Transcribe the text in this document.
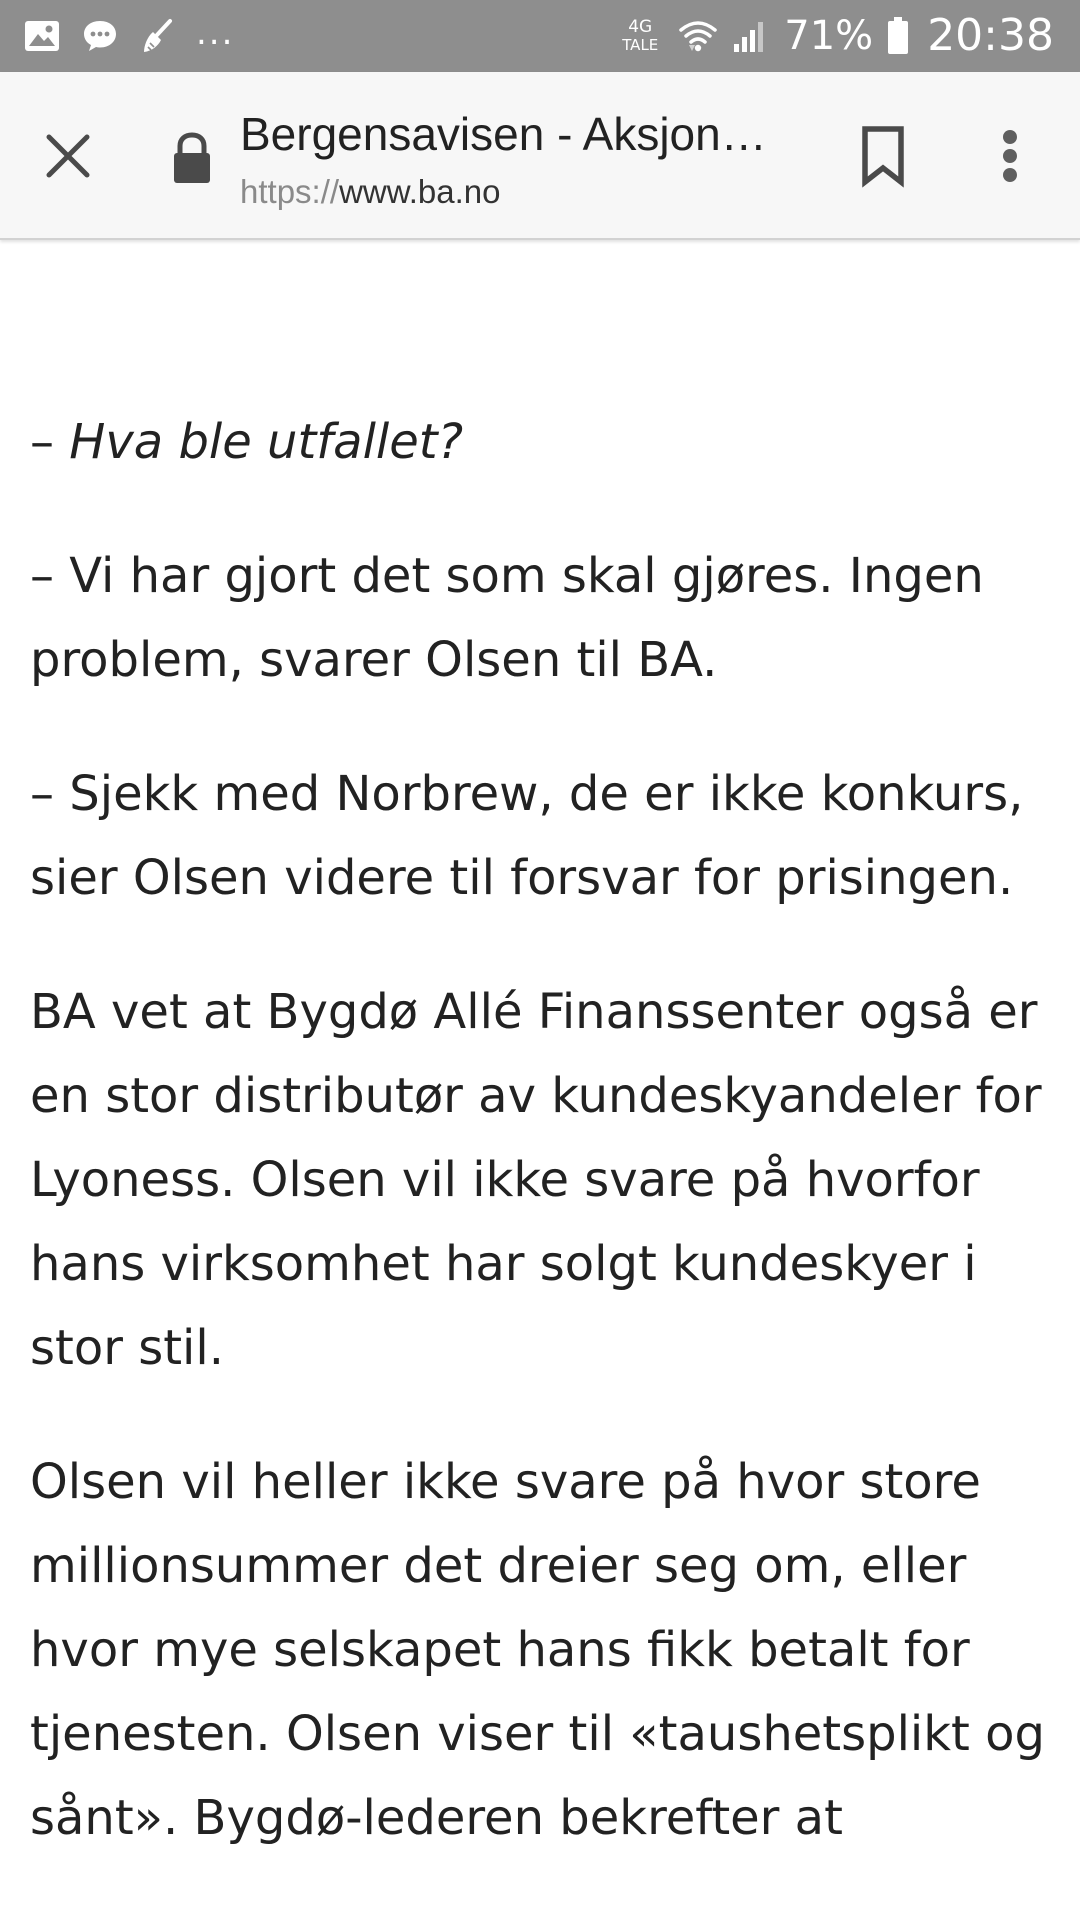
...	4G
TALE	71% 20:38
Bergensavisen - Aksjon…
https://www.ba.no

– Hva ble utfallet?

– Vi har gjort det som skal gjøres. Ingen problem, svarer Olsen til BA.

– Sjekk med Norbrew, de er ikke konkurs, sier Olsen videre til forsvar for prisingen.

BA vet at Bygdø Allé Finanssenter også er en stor distributør av kundeskyandeler for Lyoness. Olsen vil ikke svare på hvorfor hans virksomhet har solgt kundeskyer i stor stil.

Olsen vil heller ikke svare på hvor store millionsummer det dreier seg om, eller hvor mye selskapet hans fikk betalt for tjenesten. Olsen viser til «taushetsplikt og sånt». Bygdø-lederen bekrefter at
